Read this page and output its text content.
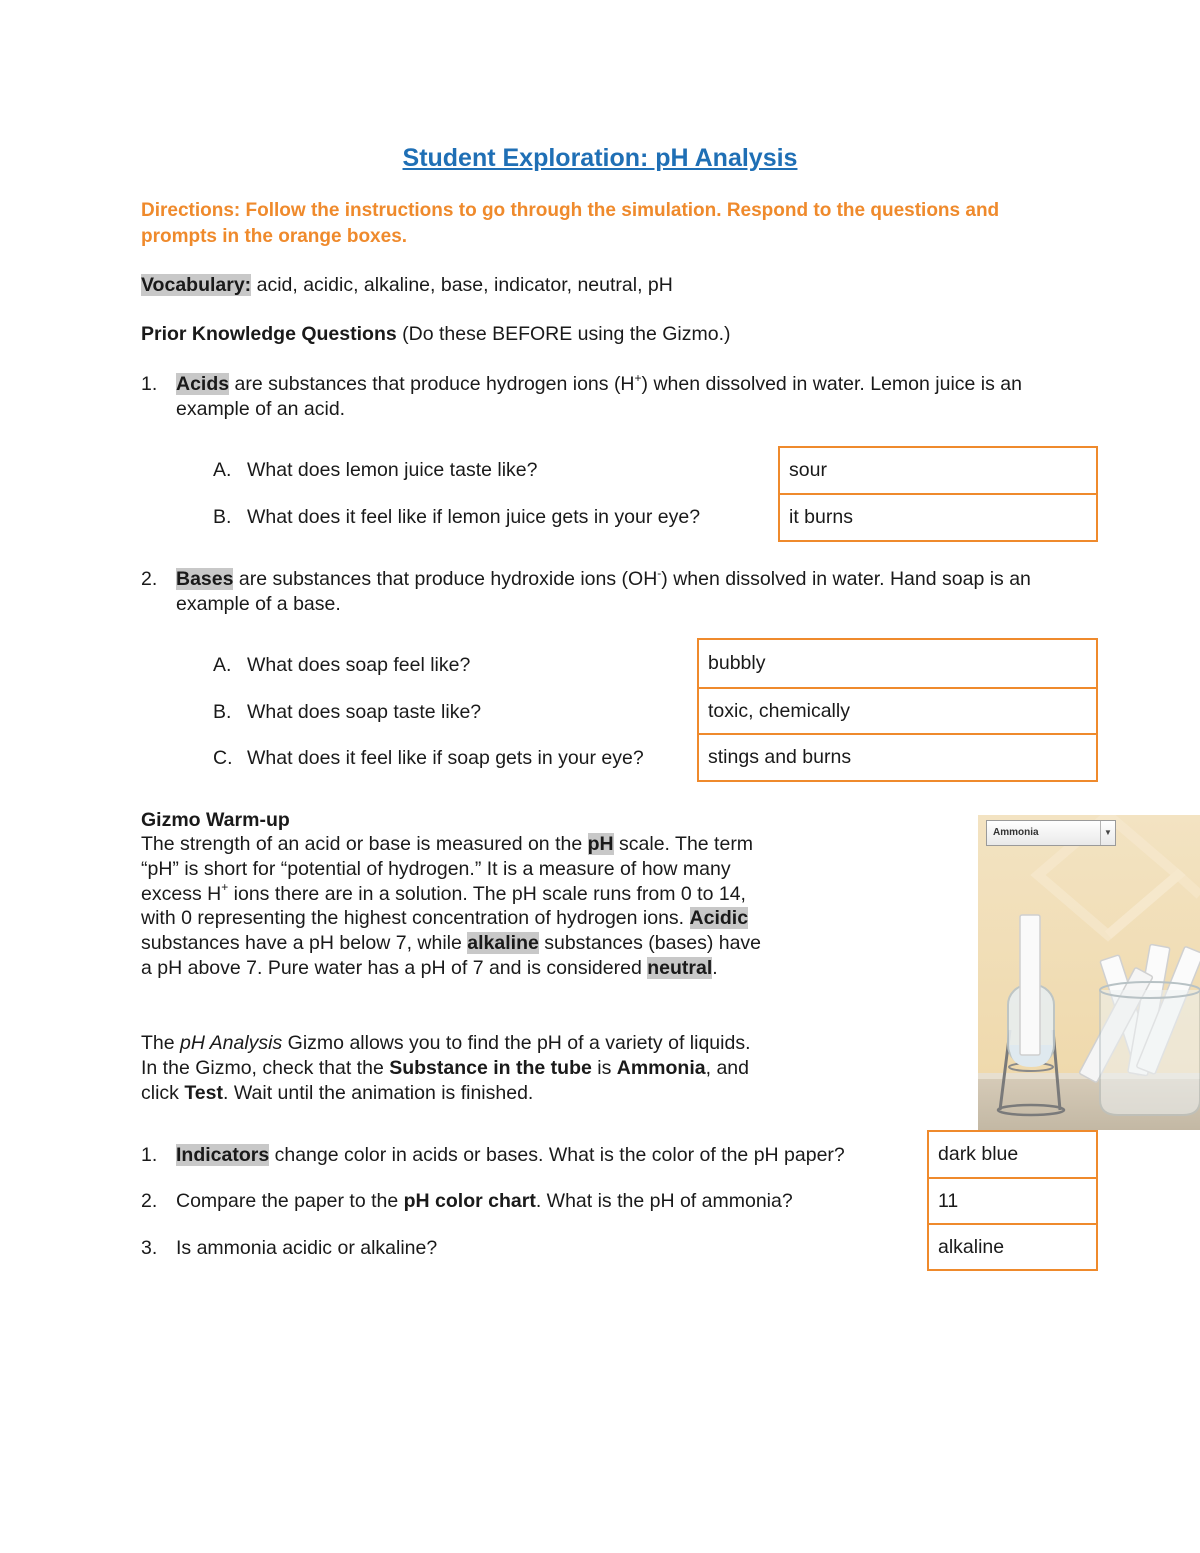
Student Exploration: pH Analysis
Directions: Follow the instructions to go through the simulation. Respond to the questions and prompts in the orange boxes.
Vocabulary: acid, acidic, alkaline, base, indicator, neutral, pH
Prior Knowledge Questions (Do these BEFORE using the Gizmo.)
1. Acids are substances that produce hydrogen ions (H+) when dissolved in water. Lemon juice is an example of an acid.
A. What does lemon juice taste like?
B. What does it feel like if lemon juice gets in your eye?
sour
it burns
2. Bases are substances that produce hydroxide ions (OH-) when dissolved in water. Hand soap is an example of a base.
A. What does soap feel like?
B. What does soap taste like?
C. What does it feel like if soap gets in your eye?
bubbly
toxic, chemically
stings and burns
Gizmo Warm-up
The strength of an acid or base is measured on the pH scale. The term “pH” is short for “potential of hydrogen.” It is a measure of how many excess H+ ions there are in a solution. The pH scale runs from 0 to 14, with 0 representing the highest concentration of hydrogen ions. Acidic substances have a pH below 7, while alkaline substances (bases) have a pH above 7. Pure water has a pH of 7 and is considered neutral.
The pH Analysis Gizmo allows you to find the pH of a variety of liquids. In the Gizmo, check that the Substance in the tube is Ammonia, and click Test. Wait until the animation is finished.
Ammonia	▼
1. Indicators change color in acids or bases. What is the color of the pH paper?
2. Compare the paper to the pH color chart. What is the pH of ammonia?
3. Is ammonia acidic or alkaline?
dark blue
11
alkaline
